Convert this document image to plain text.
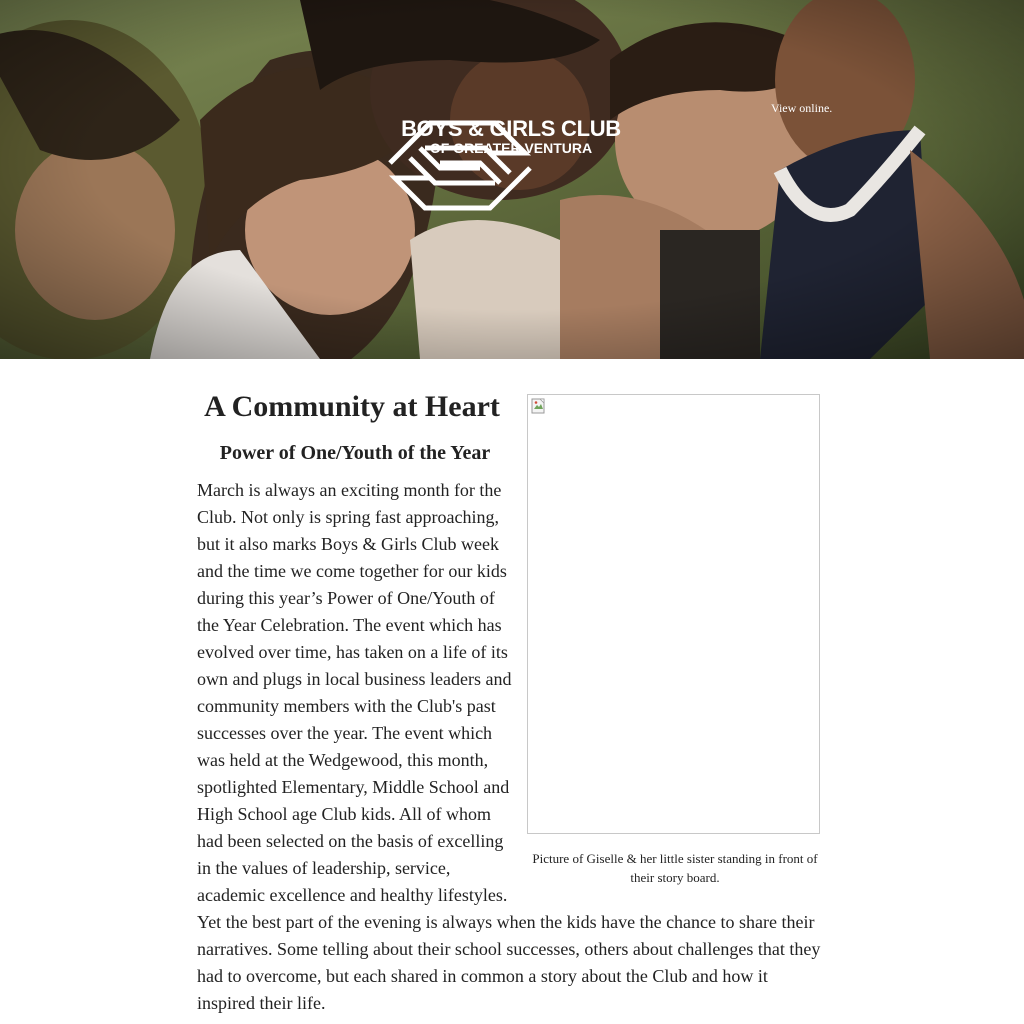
View online.
BOYS & GIRLS CLUB
OF GREATER VENTURA
Picture of Giselle & her little sister standing in front of their story board.
A Community at Heart
Power of One/Youth of the Year

March is always an exciting month for the Club. Not only is spring fast approaching, but it also marks Boys & Girls Club week and the time we come together for our kids during this year’s Power of One/Youth of the Year Celebration. The event which has evolved over time, has taken on a life of its own and plugs in local business leaders and community members with the Club's past successes over the year. The event which was held at the Wedgewood, this month, spotlighted Elementary, Middle School and High School age Club kids. All of whom had been selected on the basis of excelling in the values of leadership, service, academic excellence and healthy lifestyles. Yet the best part of the evening is always when the kids have the chance to share their narratives. Some telling about their school successes, others about challenges that they had to overcome, but each shared in common a story about the Club and how it inspired their life.
